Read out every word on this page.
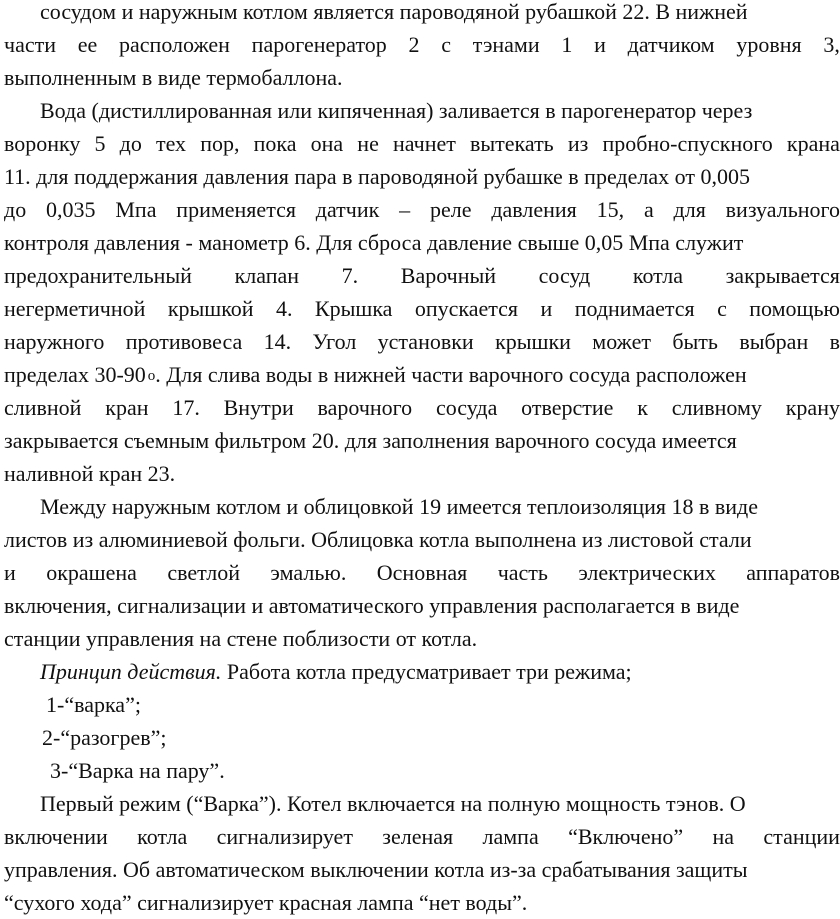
сосудом и наружным котлом является пароводяной рубашкой 22. В нижней

части ее расположен парогенератор 2 с тэнами 1 и датчиком уровня 3,

выполненным в виде термобаллона.

Вода (дистиллированная или кипяченная) заливается в парогенератор через

воронку 5 до тех пор, пока она не начнет вытекать из пробно-спускного крана

11. для поддержания давления пара в пароводяной рубашке в пределах от 0,005

до 0,035 Мпа применяется датчик – реле давления 15, а для визуального

контроля давления - манометр 6. Для сброса давление свыше 0,05 Мпа служит

предохранительный клапан 7. Варочный сосуд котла закрывается

негерметичной крышкой 4. Крышка опускается и поднимается с помощью

наружного противовеса 14. Угол установки крышки может быть выбран в

пределах 30-90 $^о$. Для слива воды в нижней части варочного сосуда расположен

сливной кран 17. Внутри варочного сосуда отверстие к сливному крану

закрывается съемным фильтром 20. для заполнения варочного сосуда имеется

наливной кран 23.

Между наружным котлом и облицовкой 19 имеется теплоизоляция 18 в виде

листов из алюминиевой фольги. Облицовка котла выполнена из листовой стали

и окрашена светлой эмалью. Основная часть электрических аппаратов

включения, сигнализации и автоматического управления располагается в виде

станции управления на стене поблизости от котла.

Принцип действия. Работа котла предусматривает три режима;

1-“варка”;

2-“разогрев”;

3-“Варка на пару”.

Первый режим (“Варка”). Котел включается на полную мощность тэнов. О

включении котла сигнализирует зеленая лампа “Включено” на станции

управления. Об автоматическом выключении котла из-за срабатывания защиты

“сухого хода” сигнализирует красная лампа “нет воды”.
